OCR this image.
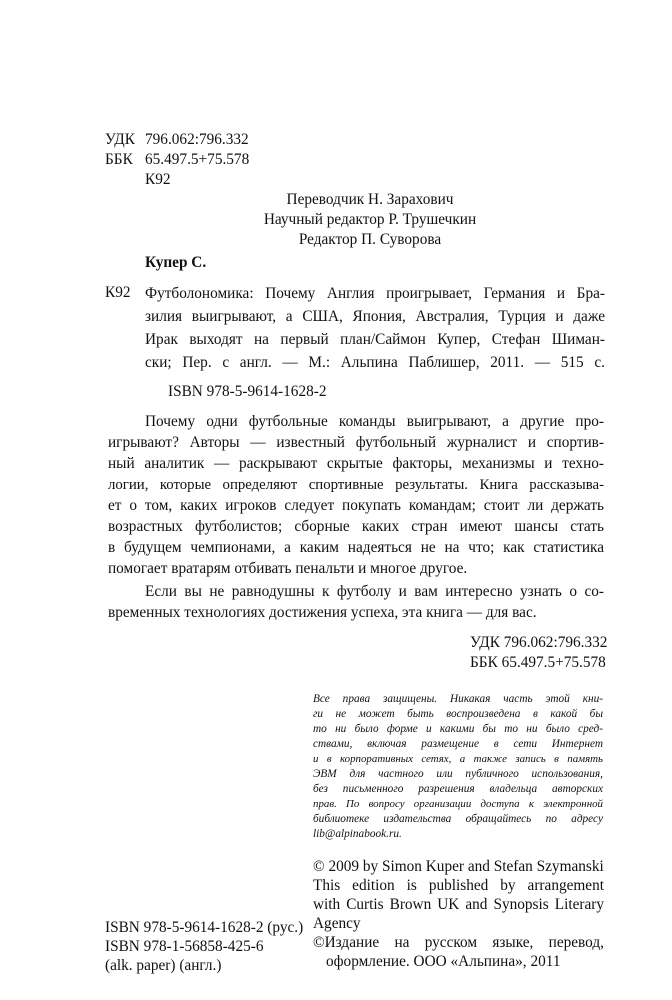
УДК 796.062:796.332
ББК 65.497.5+75.578
К92
Переводчик Н. Зарахович
Научный редактор Р. Трушечкин
Редактор П. Суворова
Купер С.
К92 Футболономика: Почему Англия проигрывает, Германия и Бра-
зилия выигрывают, а США, Япония, Австралия, Турция и даже
Ирак выходят на первый план/Саймон Купер, Стефан Шиман-
ски; Пер. с англ. — М.: Альпина Паблишер, 2011. — 515 с.
ISBN 978-5-9614-1628-2
Почему одни футбольные команды выигрывают, а другие про-
игрывают? Авторы — известный футбольный журналист и спортив-
ный аналитик — раскрывают скрытые факторы, механизмы и техно-
логии, которые определяют спортивные результаты. Книга рассказыва-
ет о том, каких игроков следует покупать командам; стоит ли держать
возрастных футболистов; сборные каких стран имеют шансы стать
в будущем чемпионами, а каким надеяться не на что; как статистика
помогает вратарям отбивать пенальти и многое другое.
Если вы не равнодушны к футболу и вам интересно узнать о со-
временных технологиях достижения успеха, эта книга — для вас.
УДК 796.062:796.332
ББК 65.497.5+75.578
Все права защищены. Никакая часть этой кни-
ги не может быть воспроизведена в какой бы
то ни было форме и какими бы то ни было сред-
ствами, включая размещение в сети Интернет
и в корпоративных сетях, а также запись в память
ЭВМ для частного или публичного использования,
без письменного разрешения владельца авторских
прав. По вопросу организации доступа к электронной
библиотеке издательства обращайтесь по адресу
lib@alpinabook.ru.
© 2009 by Simon Kuper and Stefan Szymanski
This edition is published by arrangement
with Curtis Brown UK and Synopsis Literary
Agency
©Издание на русском языке, перевод,
оформление. ООО «Альпина», 2011
ISBN 978-5-9614-1628-2 (рус.)
ISBN 978-1-56858-425-6
(alk. paper) (англ.)
